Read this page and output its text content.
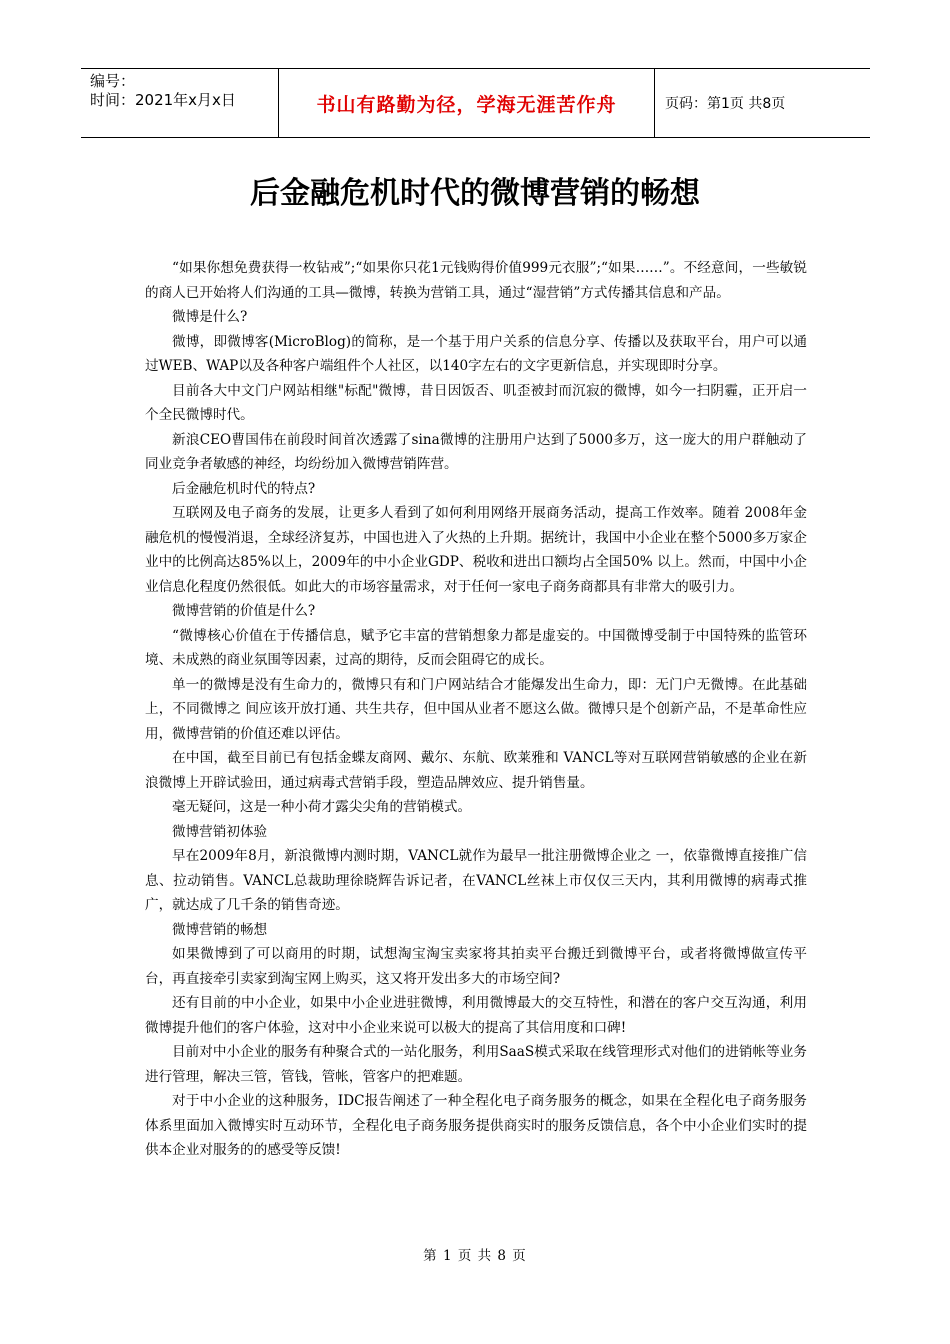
编号：
时间：2021年x月x日	书山有路勤为径，学海无涯苦作舟	页码：第1页 共8页
后金融危机时代的微博营销的畅想

“如果你想免费获得一枚钻戒”;“如果你只花1元钱购得价值999元衣服”;“如果……”。不经意间，一些敏锐的商人已开始将人们沟通的工具—微博，转换为营销工具，通过“湿营销”方式传播其信息和产品。

微博是什么?

微博，即微博客(MicroBlog)的简称，是一个基于用户关系的信息分享、传播以及获取平台，用户可以通过WEB、WAP以及各种客户端组件个人社区，以140字左右的文字更新信息，并实现即时分享。

目前各大中文门户网站相继"标配"微博，昔日因饭否、叽歪被封而沉寂的微博，如今一扫阴霾，正开启一个全民微博时代。

新浪CEO曹国伟在前段时间首次透露了sina微博的注册用户达到了5000多万，这一庞大的用户群触动了同业竞争者敏感的神经，均纷纷加入微博营销阵营。

后金融危机时代的特点?

互联网及电子商务的发展，让更多人看到了如何利用网络开展商务活动，提高工作效率。随着 2008年金融危机的慢慢消退，全球经济复苏，中国也进入了火热的上升期。据统计，我国中小企业在整个5000多万家企业中的比例高达85%以上，2009年的中小企业GDP、税收和进出口额均占全国50% 以上。然而，中国中小企业信息化程度仍然很低。如此大的市场容量需求，对于任何一家电子商务商都具有非常大的吸引力。

微博营销的价值是什么?

“微博核心价值在于传播信息，赋予它丰富的营销想象力都是虚妄的。中国微博受制于中国特殊的监管环境、未成熟的商业氛围等因素，过高的期待，反而会阻碍它的成长。

单一的微博是没有生命力的，微博只有和门户网站结合才能爆发出生命力，即：无门户无微博。在此基础上，不同微博之 间应该开放打通、共生共存，但中国从业者不愿这么做。微博只是个创新产品，不是革命性应用，微博营销的价值还难以评估。

在中国，截至目前已有包括金蝶友商网、戴尔、东航、欧莱雅和 VANCL等对互联网营销敏感的企业在新浪微博上开辟试验田，通过病毒式营销手段，塑造品牌效应、提升销售量。

毫无疑问，这是一种小荷才露尖尖角的营销模式。

微博营销初体验

早在2009年8月，新浪微博内测时期，VANCL就作为最早一批注册微博企业之 一，依靠微博直接推广信息、拉动销售。VANCL总裁助理徐晓辉告诉记者，在VANCL丝袜上市仅仅三天内，其利用微博的病毒式推广，就达成了几千条的销售奇迹。

微博营销的畅想

如果微博到了可以商用的时期，试想淘宝淘宝卖家将其拍卖平台搬迁到微博平台，或者将微博做宣传平台，再直接牵引卖家到淘宝网上购买，这又将开发出多大的市场空间?

还有目前的中小企业，如果中小企业进驻微博，利用微博最大的交互特性，和潜在的客户交互沟通，利用微博提升他们的客户体验，这对中小企业来说可以极大的提高了其信用度和口碑!

目前对中小企业的服务有种聚合式的一站化服务，利用SaaS模式采取在线管理形式对他们的进销帐等业务进行管理，解决三管，管钱，管帐，管客户的把难题。

对于中小企业的这种服务，IDC报告阐述了一种全程化电子商务服务的概念，如果在全程化电子商务服务体系里面加入微博实时互动环节，全程化电子商务服务提供商实时的服务反馈信息，各个中小企业们实时的提供本企业对服务的的感受等反馈!

第 1 页 共 8 页
